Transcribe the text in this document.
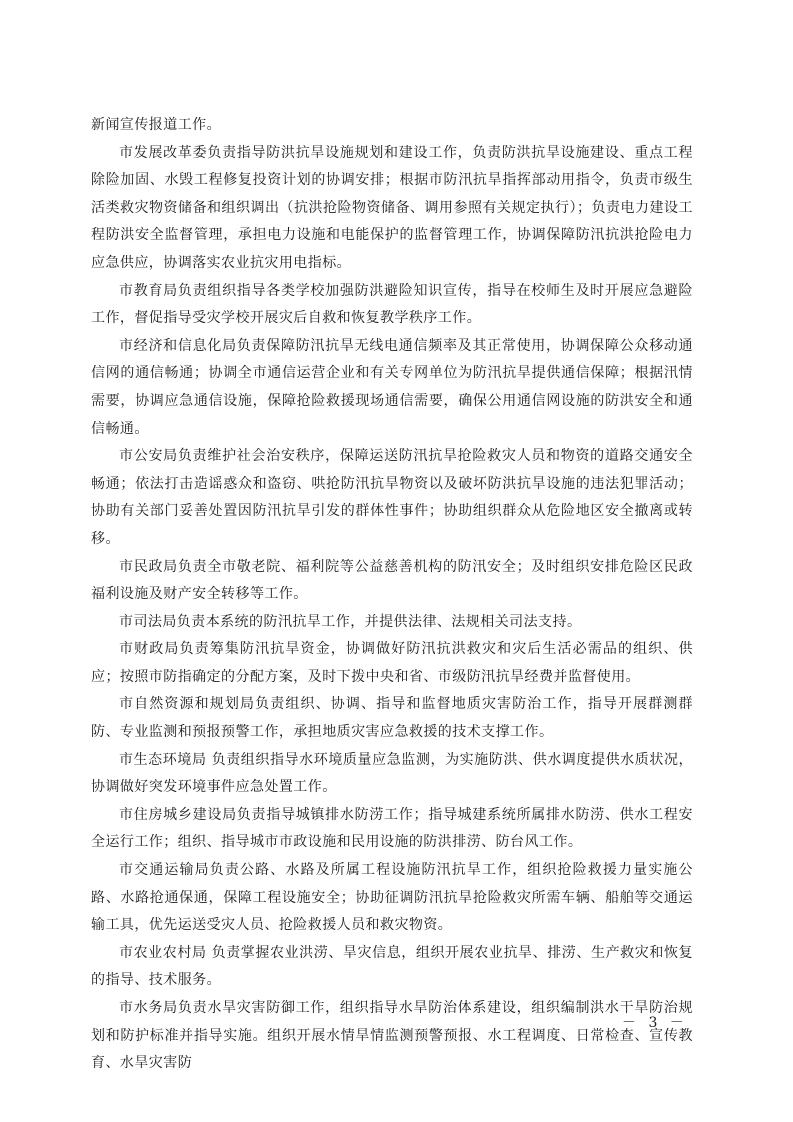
新闻宣传报道工作。

市发展改革委负责指导防洪抗旱设施规划和建设工作，负责防洪抗旱设施建设、重点工程除险加固、水毁工程修复投资计划的协调安排；根据市防汛抗旱指挥部动用指令，负责市级生活类救灾物资储备和组织调出（抗洪抢险物资储备、调用参照有关规定执行）；负责电力建设工程防洪安全监督管理，承担电力设施和电能保护的监督管理工作，协调保障防汛抗洪抢险电力应急供应，协调落实农业抗灾用电指标。

市教育局负责组织指导各类学校加强防洪避险知识宣传，指导在校师生及时开展应急避险工作，督促指导受灾学校开展灾后自救和恢复教学秩序工作。

市经济和信息化局负责保障防汛抗旱无线电通信频率及其正常使用，协调保障公众移动通信网的通信畅通；协调全市通信运营企业和有关专网单位为防汛抗旱提供通信保障；根据汛情需要，协调应急通信设施，保障抢险救援现场通信需要，确保公用通信网设施的防洪安全和通信畅通。

市公安局负责维护社会治安秩序，保障运送防汛抗旱抢险救灾人员和物资的道路交通安全畅通；依法打击造谣惑众和盗窃、哄抢防汛抗旱物资以及破坏防洪抗旱设施的违法犯罪活动；协助有关部门妥善处置因防汛抗旱引发的群体性事件；协助组织群众从危险地区安全撤离或转移。

市民政局负责全市敬老院、福利院等公益慈善机构的防汛安全；及时组织安排危险区民政福利设施及财产安全转移等工作。

市司法局负责本系统的防汛抗旱工作，并提供法律、法规相关司法支持。

市财政局负责筹集防汛抗旱资金，协调做好防汛抗洪救灾和灾后生活必需品的组织、供应；按照市防指确定的分配方案，及时下拨中央和省、市级防汛抗旱经费并监督使用。

市自然资源和规划局负责组织、协调、指导和监督地质灾害防治工作，指导开展群测群防、专业监测和预报预警工作，承担地质灾害应急救援的技术支撑工作。

市生态环境局 负责组织指导水环境质量应急监测，为实施防洪、供水调度提供水质状况，协调做好突发环境事件应急处置工作。

市住房城乡建设局负责指导城镇排水防涝工作；指导城建系统所属排水防涝、供水工程安全运行工作；组织、指导城市市政设施和民用设施的防洪排涝、防台风工作。

市交通运输局负责公路、水路及所属工程设施防汛抗旱工作，组织抢险救援力量实施公路、水路抢通保通，保障工程设施安全；协助征调防汛抗旱抢险救灾所需车辆、船舶等交通运输工具，优先运送受灾人员、抢险救援人员和救灾物资。

市农业农村局 负责掌握农业洪涝、旱灾信息，组织开展农业抗旱、排涝、生产救灾和恢复的指导、技术服务。

市水务局负责水旱灾害防御工作，组织指导水旱防治体系建设，组织编制洪水干旱防治规划和防护标准并指导实施。组织开展水情旱情监测预警预报、水工程调度、日常检查、宣传教育、水旱灾害防

－ 3 －
